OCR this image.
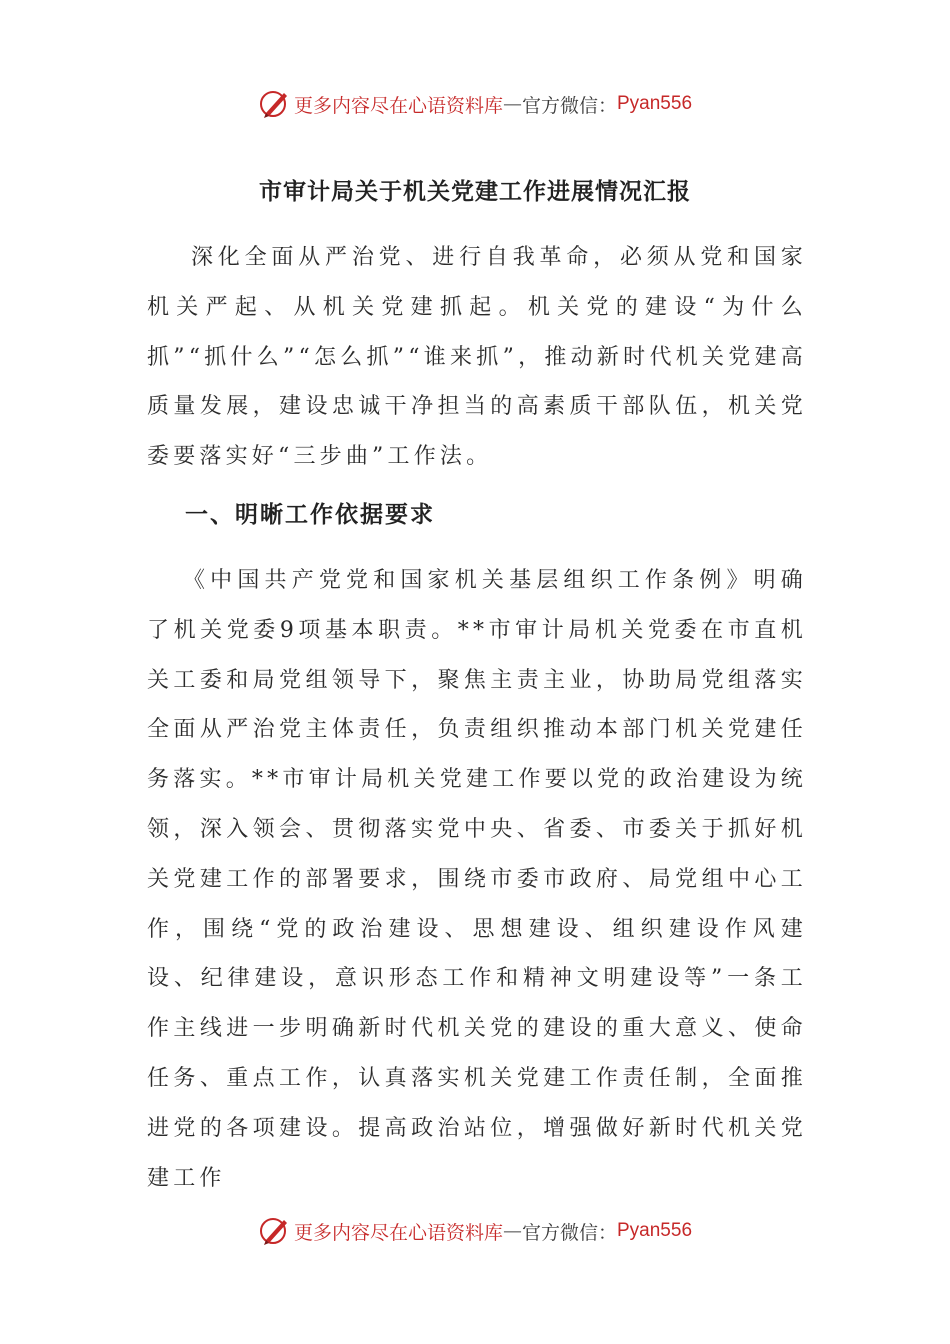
更多内容尽在心语资料库 — 官方微信： Pyan556
市审计局关于机关党建工作进展情况汇报

深化全面从严治党、进行自我革命，必须从党和国家机关严起、从机关党建抓起。机关党的建设“为什么抓”“抓什么”“怎么抓”“谁来抓”，推动新时代机关党建高质量发展，建设忠诚干净担当的高素质干部队伍，机关党委要落实好“三步曲”工作法。

一、明晰工作依据要求

《中国共产党党和国家机关基层组织工作条例》明确了机关党委9项基本职责。**市审计局机关党委在市直机关工委和局党组领导下，聚焦主责主业，协助局党组落实全面从严治党主体责任，负责组织推动本部门机关党建任务落实。**市审计局机关党建工作要以党的政治建设为统领，深入领会、贯彻落实党中央、省委、市委关于抓好机关党建工作的部署要求，围绕市委市政府、局党组中心工作，围绕“党的政治建设、思想建设、组织建设作风建设、纪律建设，意识形态工作和精神文明建设等”一条工作主线进一步明确新时代机关党的建设的重大意义、使命任务、重点工作，认真落实机关党建工作责任制，全面推进党的各项建设。提高政治站位，增强做好新时代机关党建工作

更多内容尽在心语资料库 — 官方微信： Pyan556
